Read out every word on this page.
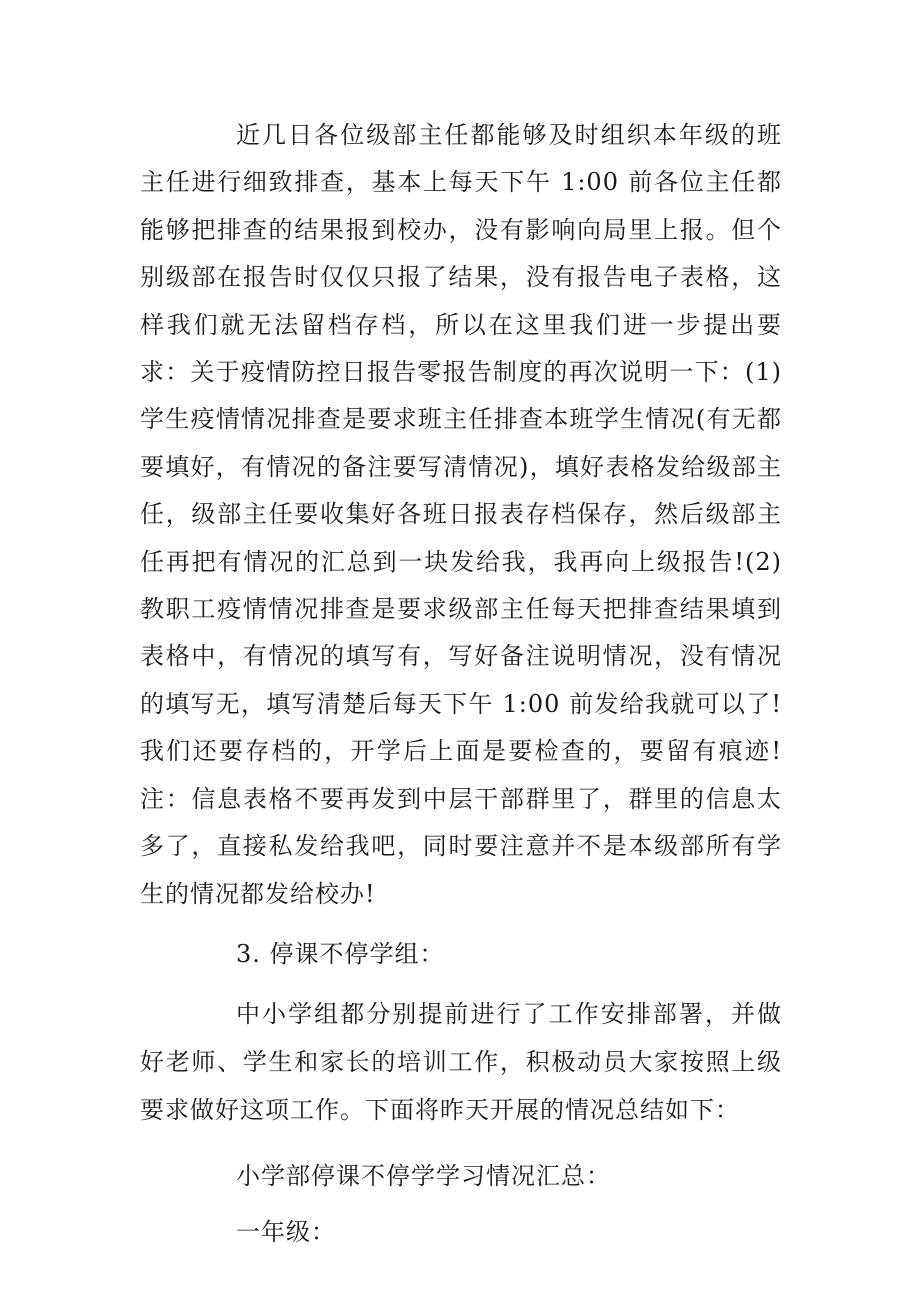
近几日各位级部主任都能够及时组织本年级的班主任进行细致排查，基本上每天下午 1:00 前各位主任都能够把排查的结果报到校办，没有影响向局里上报。但个别级部在报告时仅仅只报了结果，没有报告电子表格，这样我们就无法留档存档，所以在这里我们进一步提出要求：关于疫情防控日报告零报告制度的再次说明一下：(1)学生疫情情况排查是要求班主任排查本班学生情况(有无都要填好，有情况的备注要写清情况)，填好表格发给级部主任，级部主任要收集好各班日报表存档保存，然后级部主任再把有情况的汇总到一块发给我，我再向上级报告!(2)教职工疫情情况排查是要求级部主任每天把排查结果填到表格中，有情况的填写有，写好备注说明情况，没有情况的填写无，填写清楚后每天下午 1:00 前发给我就可以了!我们还要存档的，开学后上面是要检查的，要留有痕迹!注：信息表格不要再发到中层干部群里了，群里的信息太多了，直接私发给我吧，同时要注意并不是本级部所有学生的情况都发给校办!

3. 停课不停学组：

中小学组都分别提前进行了工作安排部署，并做好老师、学生和家长的培训工作，积极动员大家按照上级要求做好这项工作。下面将昨天开展的情况总结如下：

小学部停课不停学学习情况汇总：

一年级：
